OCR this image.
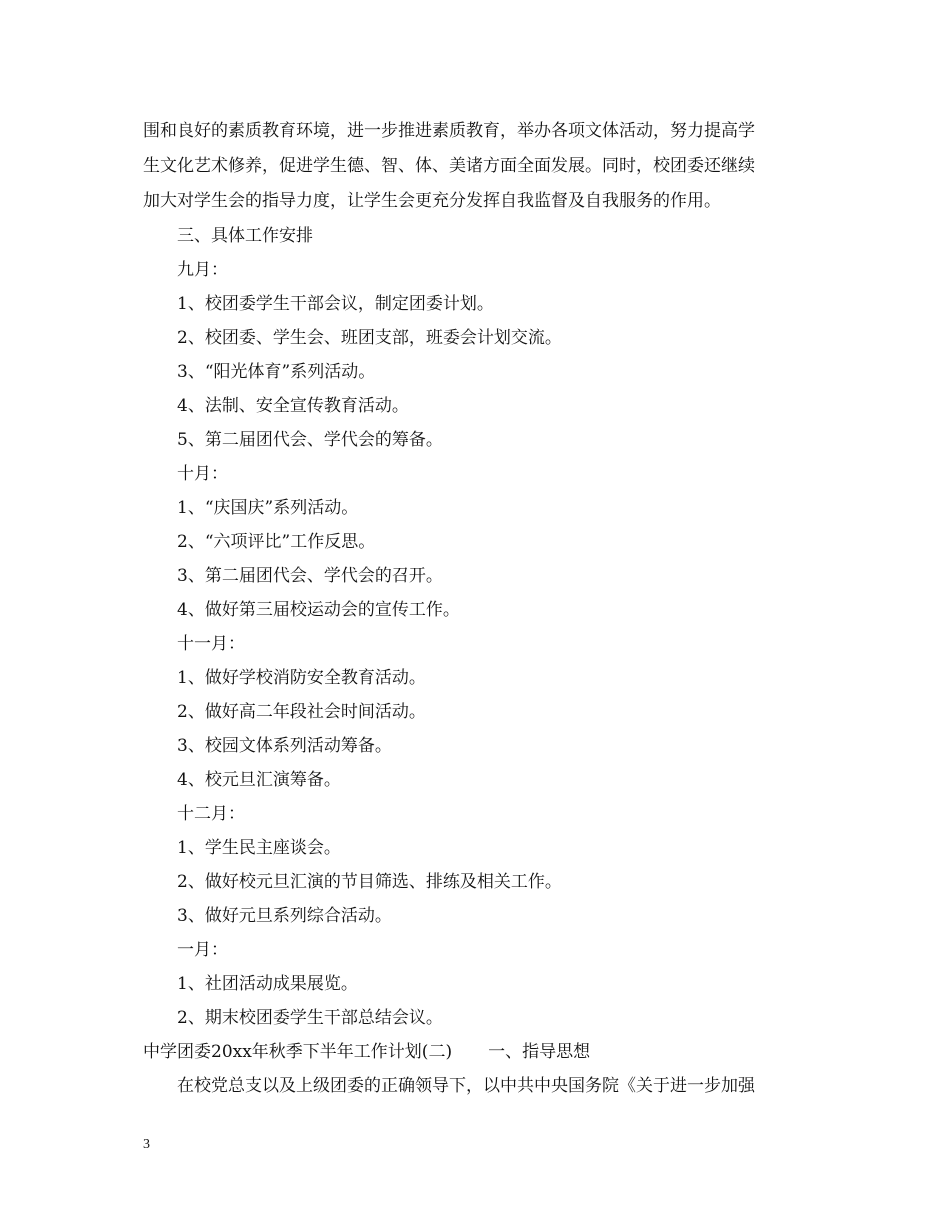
围和良好的素质教育环境，进一步推进素质教育，举办各项文体活动，努力提高学
生文化艺术修养，促进学生德、智、体、美诸方面全面发展。同时，校团委还继续
加大对学生会的指导力度，让学生会更充分发挥自我监督及自我服务的作用。
三、具体工作安排
九月：
1、校团委学生干部会议，制定团委计划。
2、校团委、学生会、班团支部，班委会计划交流。
3、“阳光体育”系列活动。
4、法制、安全宣传教育活动。
5、第二届团代会、学代会的筹备。
十月：
1、“庆国庆”系列活动。
2、“六项评比”工作反思。
3、第二届团代会、学代会的召开。
4、做好第三届校运动会的宣传工作。
十一月：
1、做好学校消防安全教育活动。
2、做好高二年段社会时间活动。
3、校园文体系列活动筹备。
4、校元旦汇演筹备。
十二月：
1、学生民主座谈会。
2、做好校元旦汇演的节目筛选、排练及相关工作。
3、做好元旦系列综合活动。
一月：
1、社团活动成果展览。
2、期末校团委学生干部总结会议。
中学团委20xx年秋季下半年工作计划(二) 一、指导思想
在校党总支以及上级团委的正确领导下，以中共中央国务院《关于进一步加强
3
